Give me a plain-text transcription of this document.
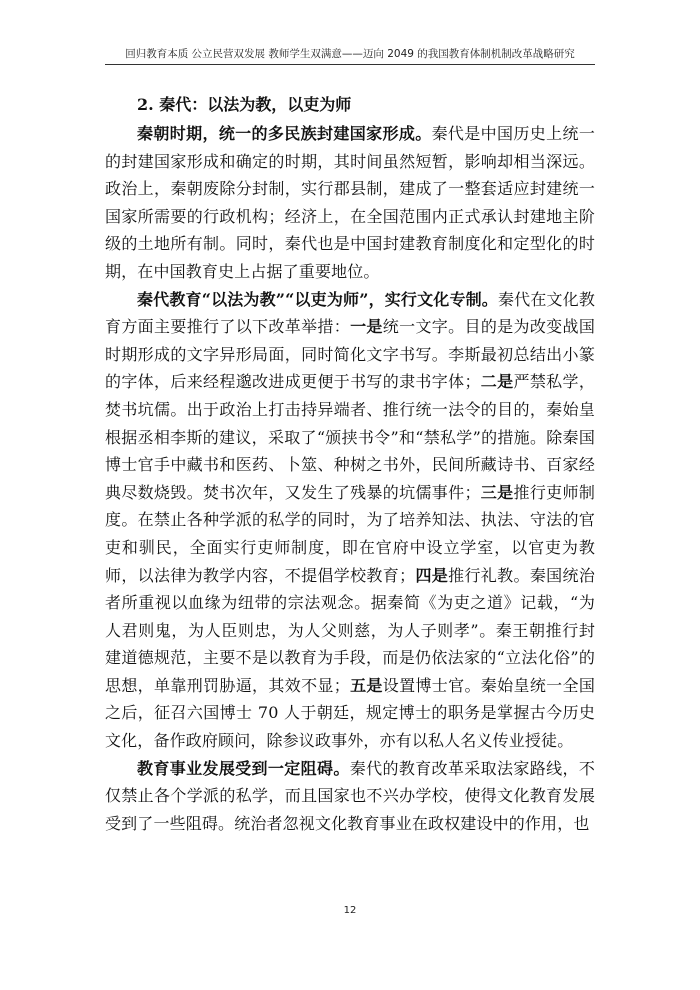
回归教育本质 公立民营双发展 教师学生双满意——迈向 2049 的我国教育体制机制改革战略研究
2. 秦代：以法为教，以吏为师

秦朝时期，统一的多民族封建国家形成。秦代是中国历史上统一的封建国家形成和确定的时期，其时间虽然短暂，影响却相当深远。政治上，秦朝废除分封制，实行郡县制，建成了一整套适应封建统一国家所需要的行政机构；经济上，在全国范围内正式承认封建地主阶级的土地所有制。同时，秦代也是中国封建教育制度化和定型化的时期，在中国教育史上占据了重要地位。

秦代教育“以法为教”“以吏为师”，实行文化专制。秦代在文化教育方面主要推行了以下改革举措：一是统一文字。目的是为改变战国时期形成的文字异形局面，同时简化文字书写。李斯最初总结出小篆的字体，后来经程邈改进成更便于书写的隶书字体；二是严禁私学，焚书坑儒。出于政治上打击持异端者、推行统一法令的目的，秦始皇根据丞相李斯的建议，采取了“颁挟书令”和“禁私学”的措施。除秦国博士官手中藏书和医药、卜筮、种树之书外，民间所藏诗书、百家经典尽数烧毁。焚书次年，又发生了残暴的坑儒事件；三是推行吏师制度。在禁止各种学派的私学的同时，为了培养知法、执法、守法的官吏和驯民，全面实行吏师制度，即在官府中设立学室，以官吏为教师，以法律为教学内容，不提倡学校教育；四是推行礼教。秦国统治者所重视以血缘为纽带的宗法观念。据秦简《为吏之道》记载，“为人君则鬼，为人臣则忠，为人父则慈，为人子则孝”。秦王朝推行封建道德规范，主要不是以教育为手段，而是仍依法家的“立法化俗”的思想，单靠刑罚胁逼，其效不显；五是设置博士官。秦始皇统一全国之后，征召六国博士 70 人于朝廷，规定博士的职务是掌握古今历史文化，备作政府顾问，除参议政事外，亦有以私人名义传业授徒。

教育事业发展受到一定阻碍。秦代的教育改革采取法家路线，不仅禁止各个学派的私学，而且国家也不兴办学校，使得文化教育发展受到了一些阻碍。统治者忽视文化教育事业在政权建设中的作用，也

12
